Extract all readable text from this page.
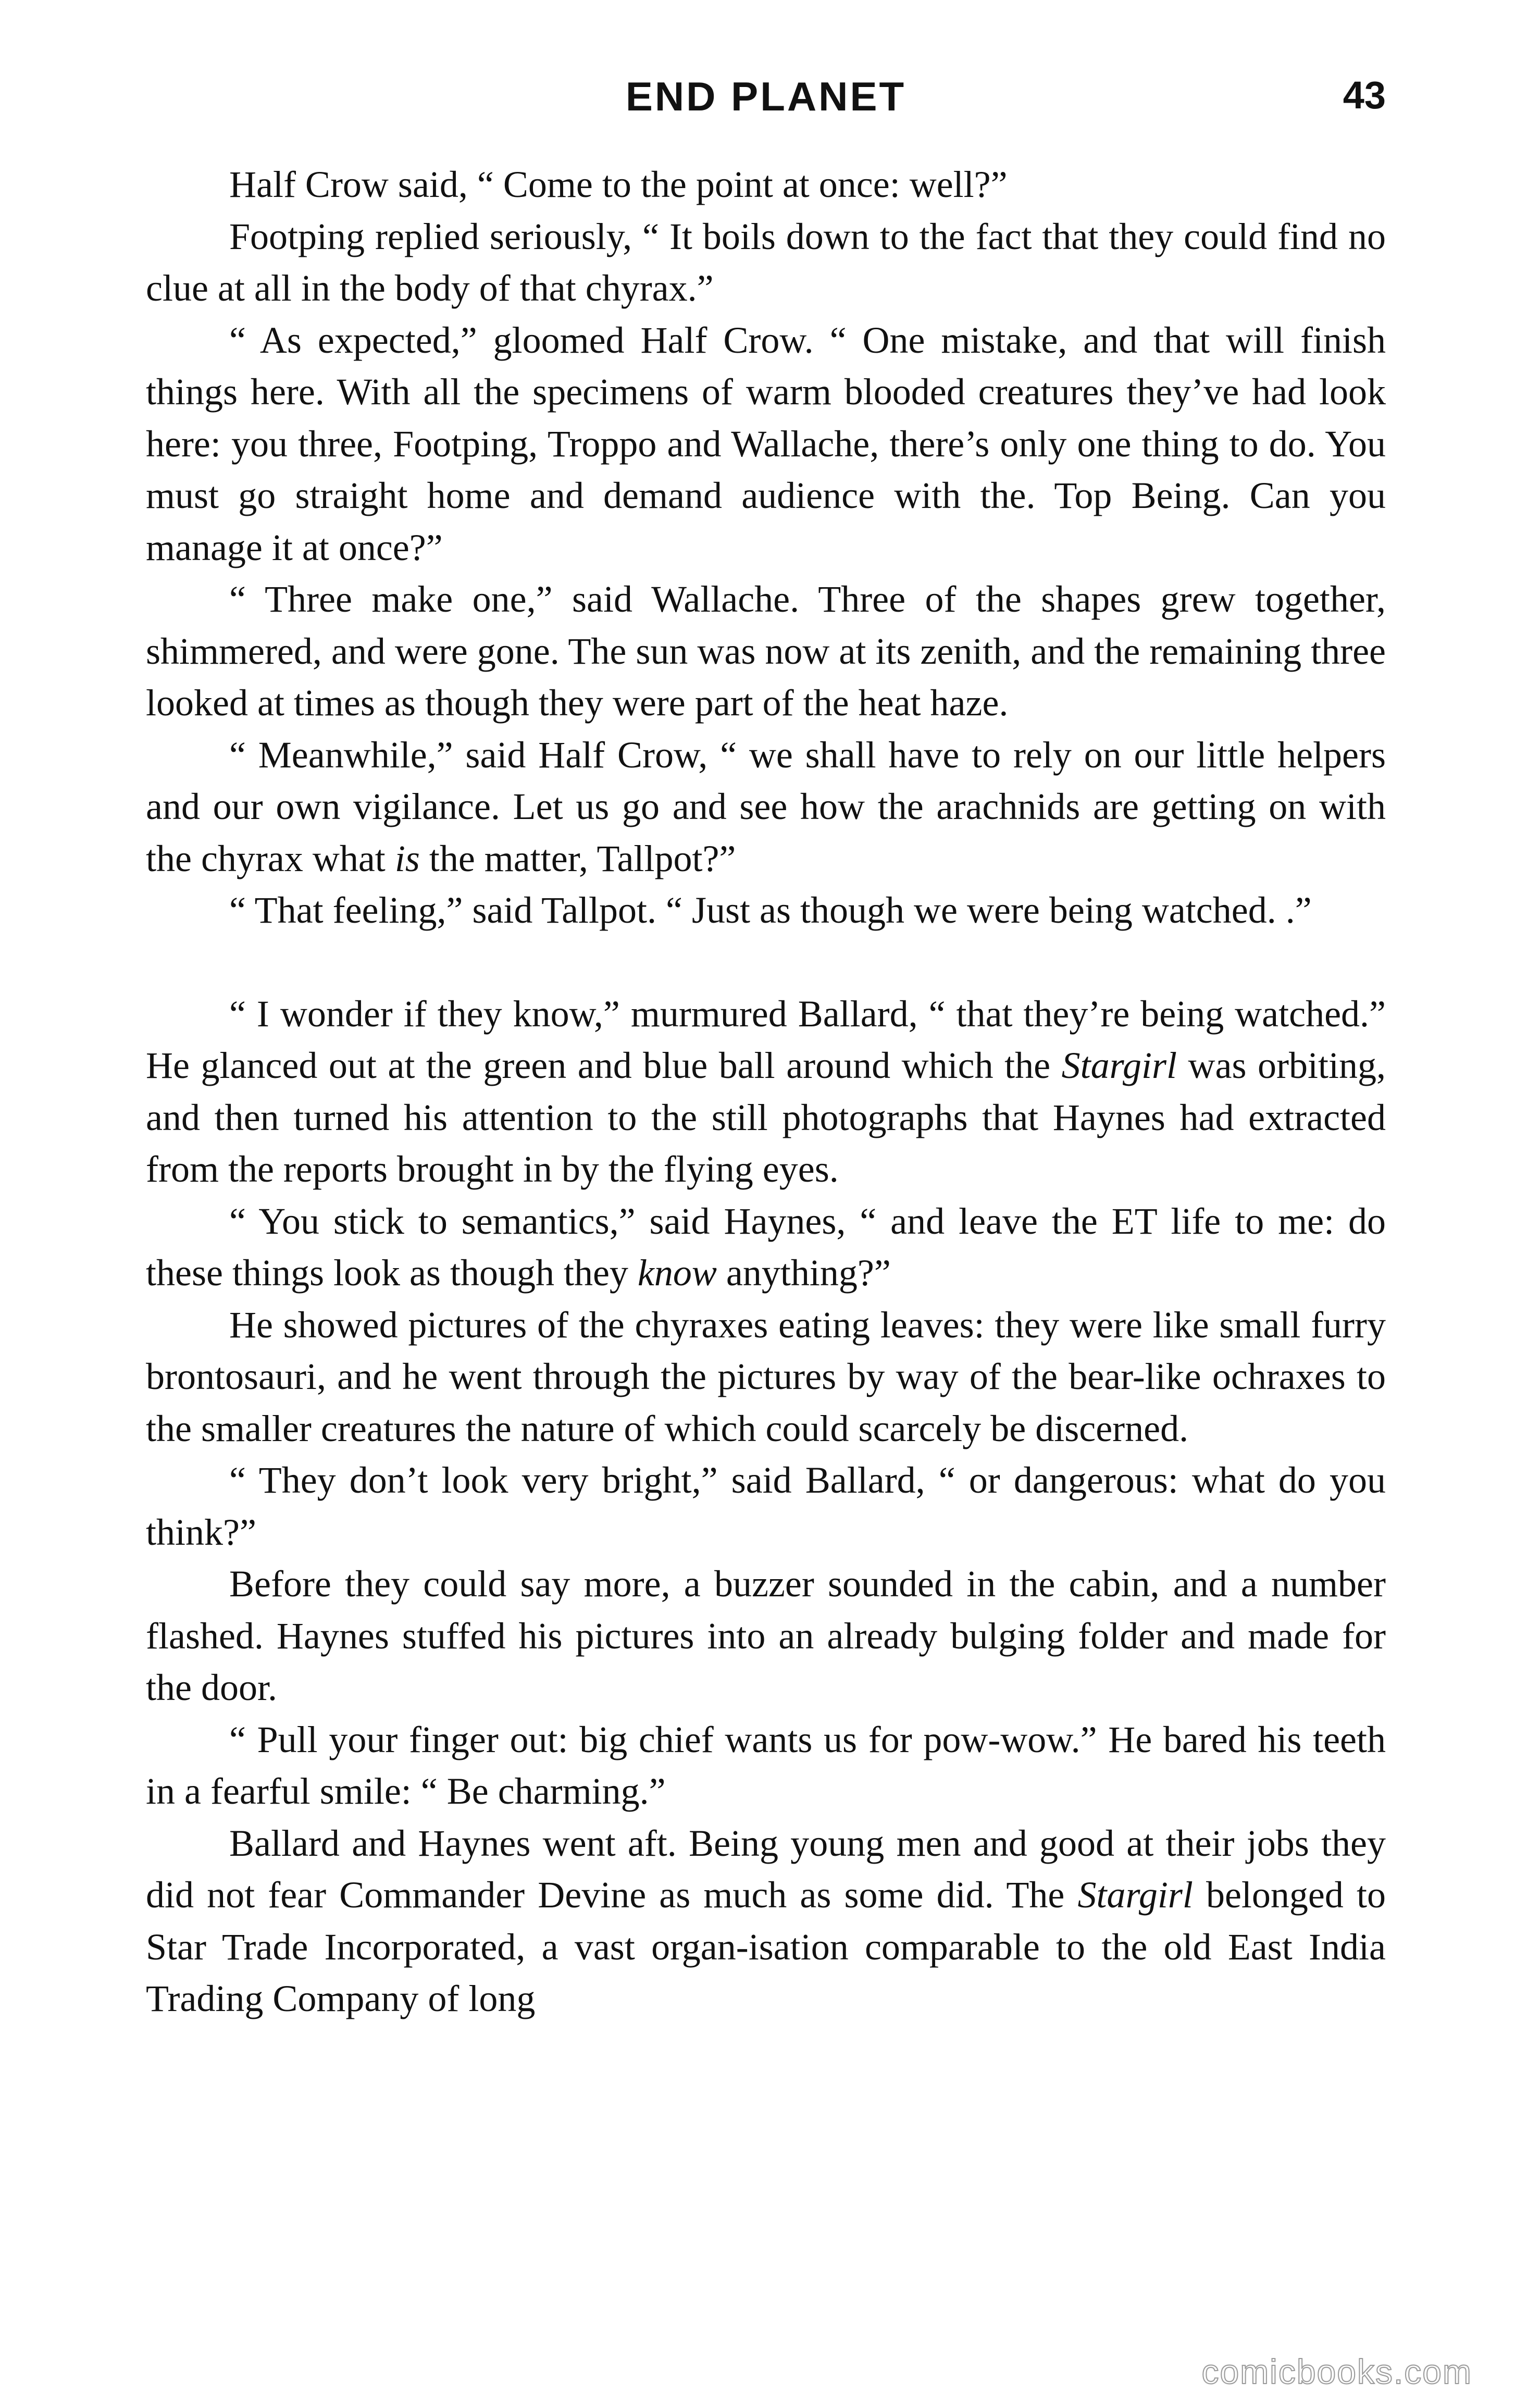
END PLANET	43

Half Crow said, “ Come to the point at once: well?”

Footping replied seriously, “ It boils down to the fact that they could find no clue at all in the body of that chyrax.”

“ As expected,” gloomed Half Crow. “ One mistake, and that will finish things here. With all the specimens of warm blooded creatures they’ve had look here: you three, Footping, Troppo and Wallache, there’s only one thing to do. You must go straight home and demand audience with the. Top Being. Can you manage it at once?”

“ Three make one,” said Wallache. Three of the shapes grew together, shimmered, and were gone. The sun was now at its zenith, and the remaining three looked at times as though they were part of the heat haze.

“ Meanwhile,” said Half Crow, “ we shall have to rely on our little helpers and our own vigilance. Let us go and see how the arachnids are getting on with the chyrax what is the matter, Tallpot?”

“ That feeling,” said Tallpot. “ Just as though we were being watched. .”

“ I wonder if they know,” murmured Ballard, “ that they’re being watched.” He glanced out at the green and blue ball around which the Stargirl was orbiting, and then turned his attention to the still photographs that Haynes had extracted from the reports brought in by the flying eyes.

“ You stick to semantics,” said Haynes, “ and leave the ET life to me: do these things look as though they know anything?”

He showed pictures of the chyraxes eating leaves: they were like small furry brontosauri, and he went through the pictures by way of the bear-like ochraxes to the smaller creatures the nature of which could scarcely be discerned.

“ They don’t look very bright,” said Ballard, “ or dangerous: what do you think?”

Before they could say more, a buzzer sounded in the cabin, and a number flashed. Haynes stuffed his pictures into an already bulging folder and made for the door.

“ Pull your finger out: big chief wants us for pow-wow.” He bared his teeth in a fearful smile: “ Be charming.”

Ballard and Haynes went aft. Being young men and good at their jobs they did not fear Commander Devine as much as some did. The Stargirl belonged to Star Trade Incorporated, a vast organ-isation comparable to the old East India Trading Company of long

comicbooks.com
